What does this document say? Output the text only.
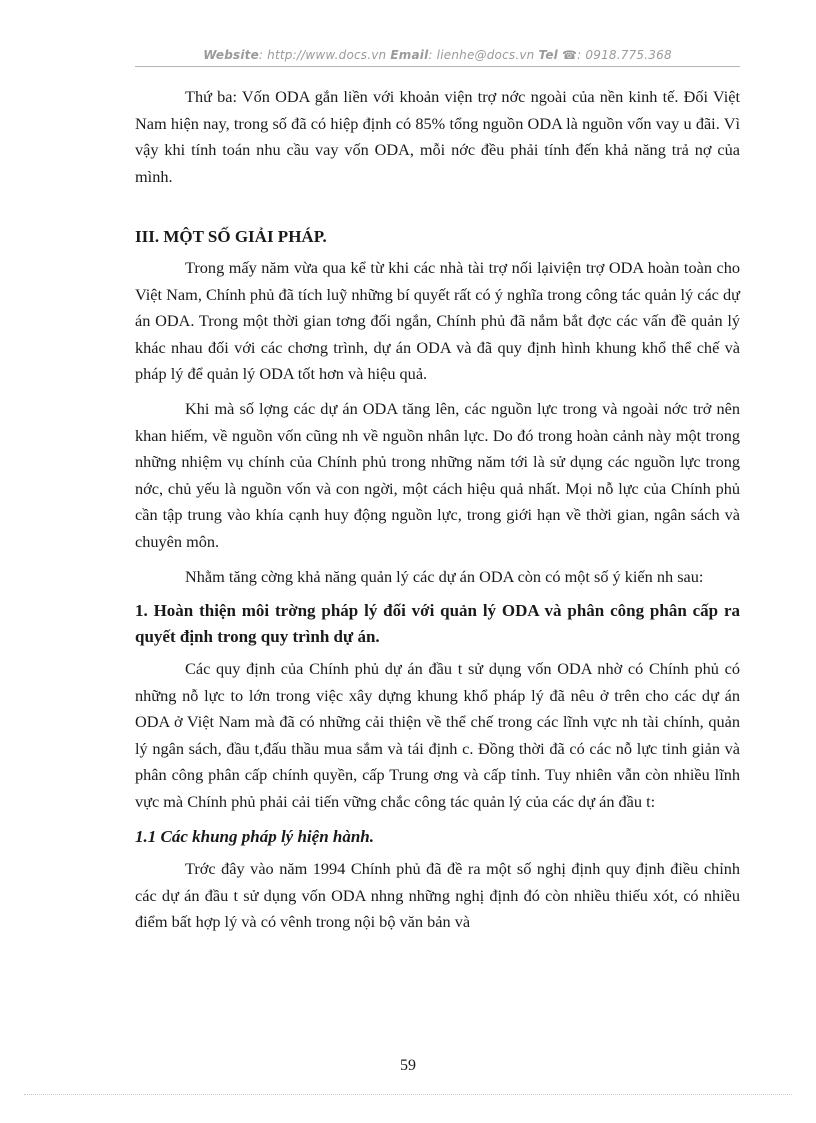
Website: http://www.docs.vn Email: lienhe@docs.vn Tel ☎: 0918.775.368

Thứ ba: Vốn ODA gắn liền với khoản viện trợ nớc ngoài của nền kinh tế. Đối Việt Nam hiện nay, trong số đã có hiệp định có 85% tổng nguồn ODA là nguồn vốn vay u đãi. Vì vậy khi tính toán nhu cầu vay vốn ODA, mỗi nớc đều phải tính đến khả năng trả nợ của mình.

III. MỘT SỐ GIẢI PHÁP.

Trong mấy năm vừa qua kể từ khi các nhà tài trợ nối lạiviện trợ ODA hoàn toàn cho Việt Nam, Chính phủ đã tích luỹ những bí quyết rất có ý nghĩa trong công tác quản lý các dự án ODA. Trong một thời gian tơng đối ngắn, Chính phủ đã nắm bắt đợc các vấn đề quản lý khác nhau đối với các chơng trình, dự án ODA và đã quy định hình khung khổ thể chế và pháp lý để quản lý ODA tốt hơn và hiệu quả.

Khi mà số lợng các dự án ODA tăng lên, các nguồn lực trong và ngoài nớc trở nên khan hiếm, về nguồn vốn cũng nh về nguồn nhân lực. Do đó trong hoàn cảnh này một trong những nhiệm vụ chính của Chính phủ trong những năm tới là sử dụng các nguồn lực trong nớc, chủ yếu là nguồn vốn và con ngời, một cách hiệu quả nhất. Mọi nỗ lực của Chính phủ cần tập trung vào khía cạnh huy động nguồn lực, trong giới hạn về thời gian, ngân sách và chuyên môn.

Nhằm tăng cờng khả năng quản lý các dự án ODA còn có một số ý kiến nh sau:

1. Hoàn thiện môi trờng pháp lý đối với quản lý ODA và phân công phân cấp ra quyết định trong quy trình dự án.

Các quy định của Chính phủ dự án đầu t sử dụng vốn ODA nhờ có Chính phủ có những nỗ lực to lớn trong việc xây dựng khung khổ pháp lý đã nêu ở trên cho các dự án ODA ở Việt Nam mà đã có những cải thiện về thể chế trong các lĩnh vực nh tài chính, quản lý ngân sách, đầu t,đấu thầu mua sắm và tái định c. Đồng thời đã có các nỗ lực tinh giản và phân công phân cấp chính quyền, cấp Trung ơng và cấp tỉnh. Tuy nhiên vẫn còn nhiều lĩnh vực mà Chính phủ phải cải tiến vững chắc công tác quản lý của các dự án đầu t:

1.1 Các khung pháp lý hiện hành.

Trớc đây vào năm 1994 Chính phủ đã đề ra một số nghị định quy định điều chỉnh các dự án đầu t sử dụng vốn ODA nhng những nghị định đó còn nhiều thiếu xót, có nhiều điểm bất hợp lý và có vênh trong nội bộ văn bản và

59
